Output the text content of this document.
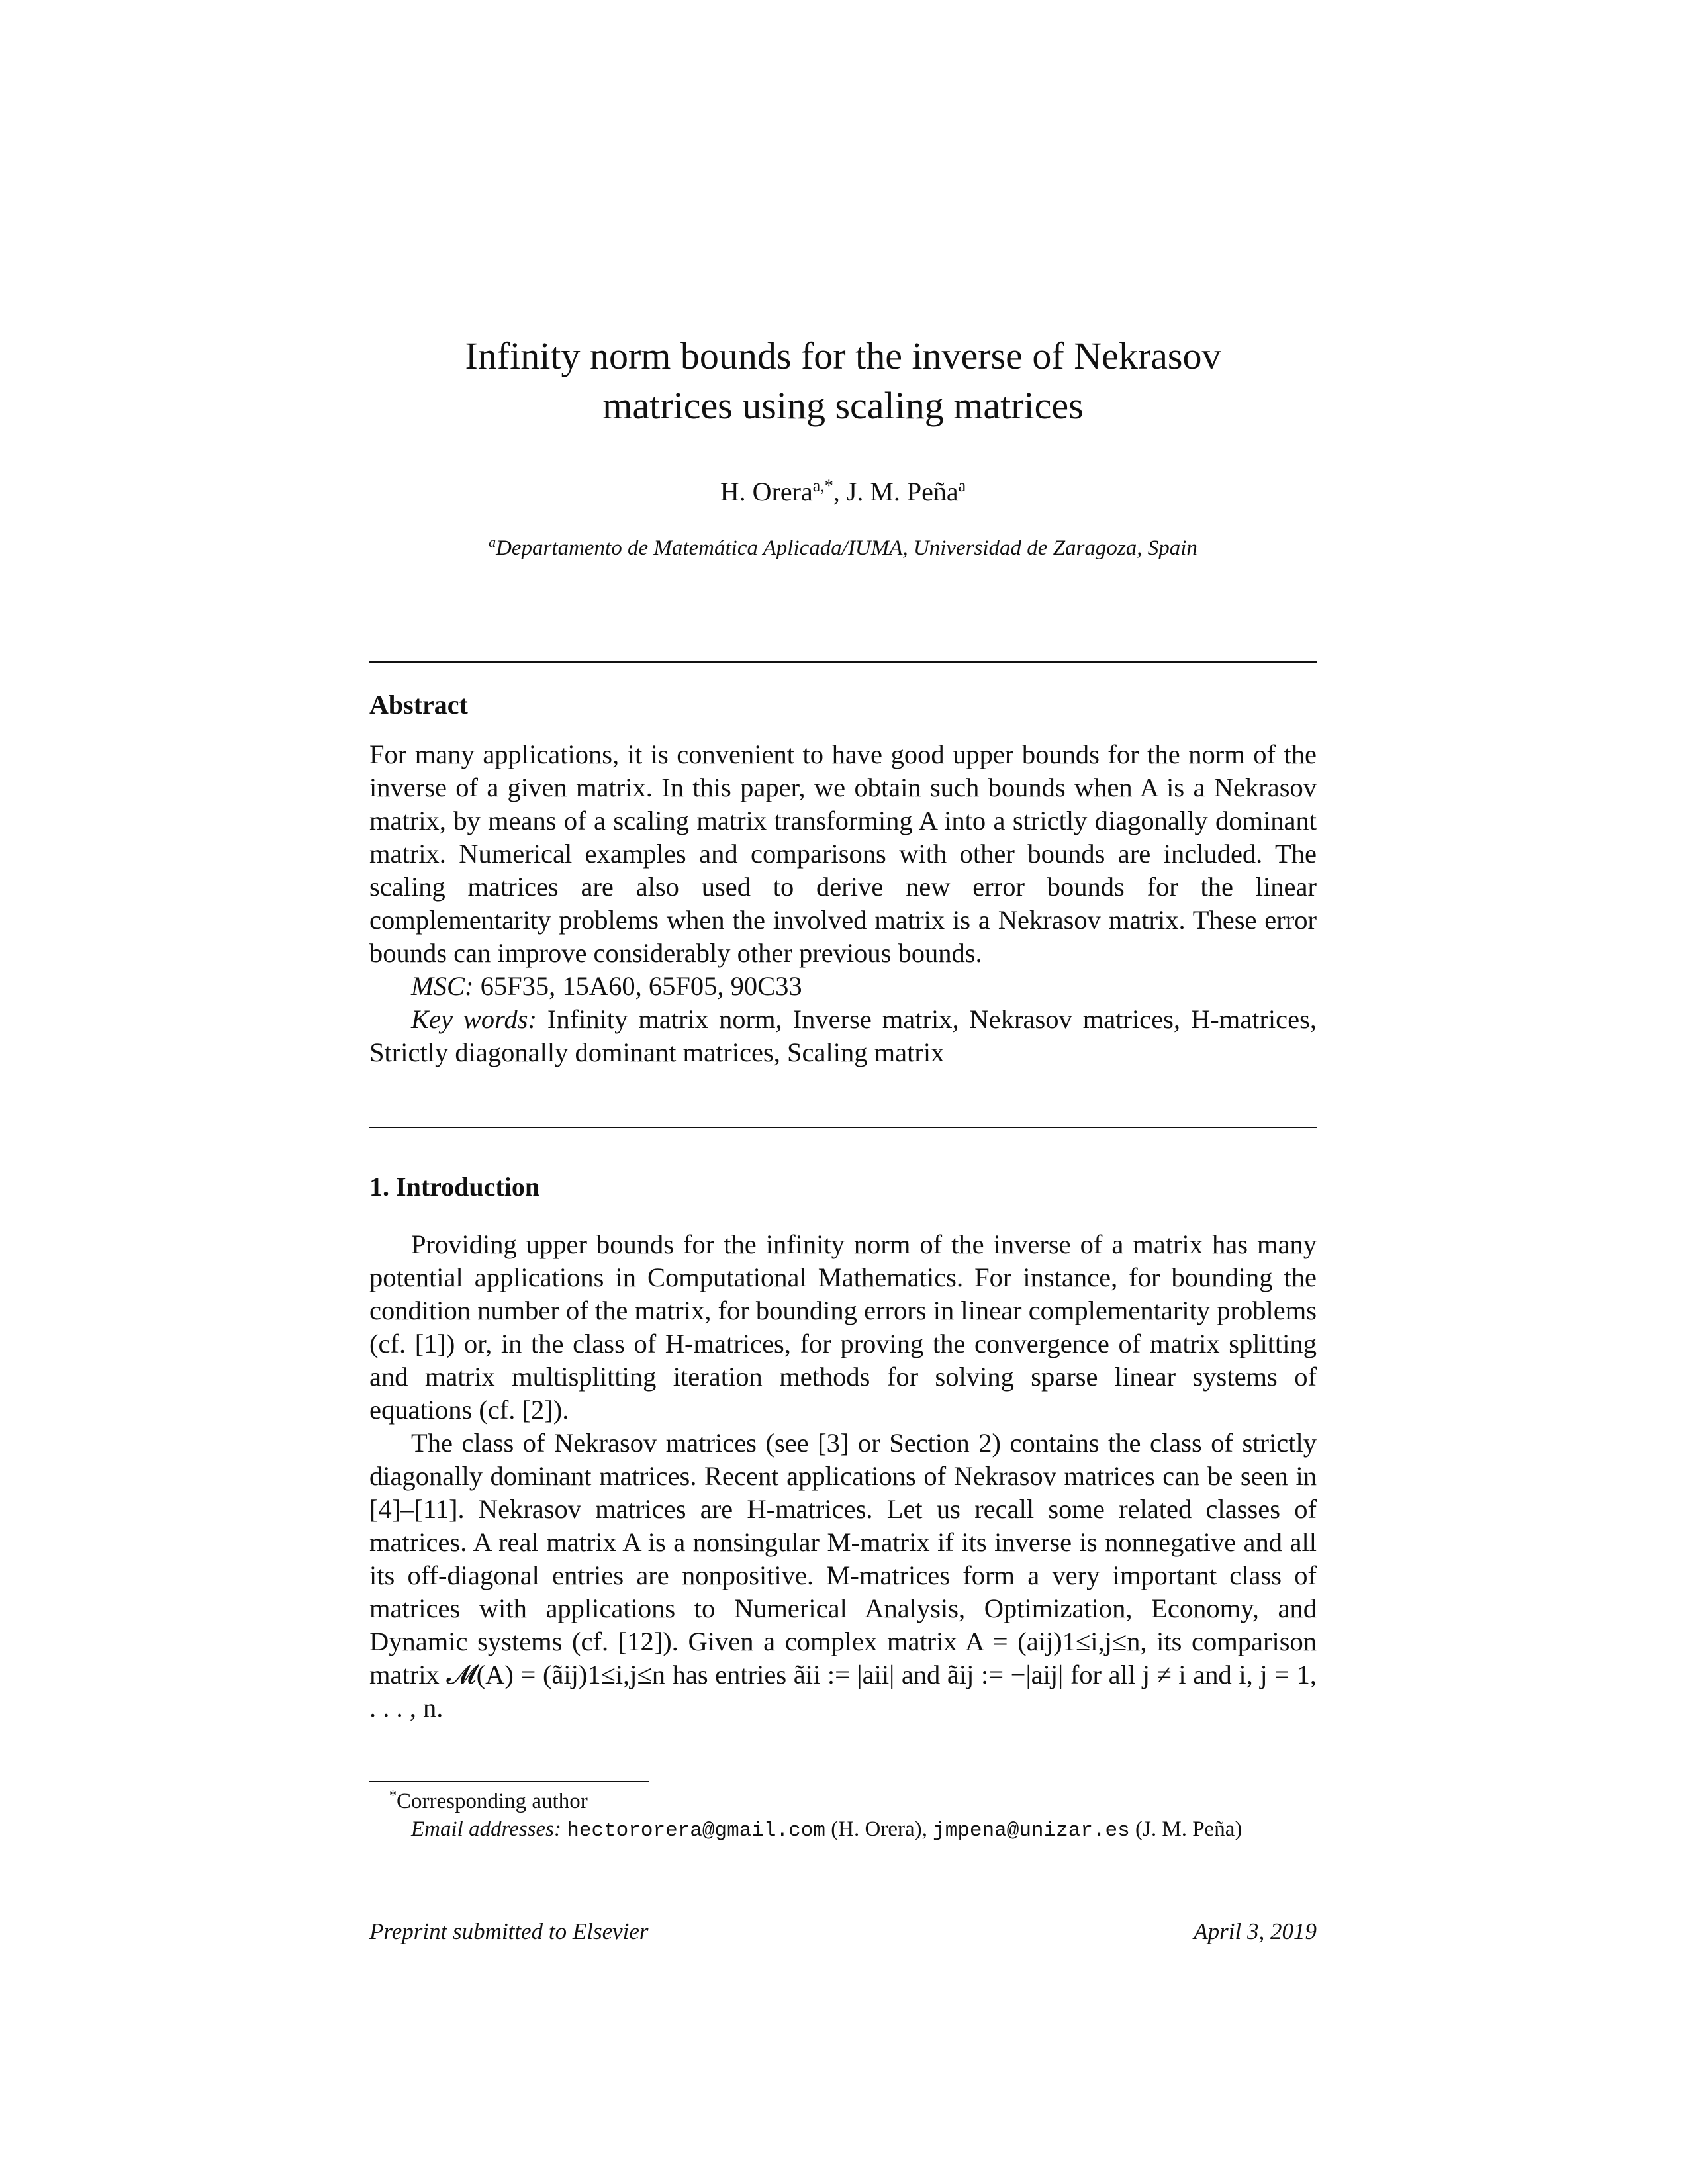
Infinity norm bounds for the inverse of Nekrasov
matrices using scaling matrices
H. Orera$^{a,*}$, J. M. Peña$^a$
$^a$Departamento de Matemática Aplicada/IUMA, Universidad de Zaragoza, Spain
Abstract

For many applications, it is convenient to have good upper bounds for the norm of the inverse of a given matrix. In this paper, we obtain such bounds when A is a Nekrasov matrix, by means of a scaling matrix transforming A into a strictly diagonally dominant matrix. Numerical examples and comparisons with other bounds are included. The scaling matrices are also used to derive new error bounds for the linear complementarity problems when the involved matrix is a Nekrasov matrix. These error bounds can improve considerably other previous bounds.

MSC: 65F35, 15A60, 65F05, 90C33

Key words: Infinity matrix norm, Inverse matrix, Nekrasov matrices, H-matrices, Strictly diagonally dominant matrices, Scaling matrix

1. Introduction

Providing upper bounds for the infinity norm of the inverse of a matrix has many potential applications in Computational Mathematics. For instance, for bounding the condition number of the matrix, for bounding errors in linear complementarity problems (cf. [1]) or, in the class of H-matrices, for proving the convergence of matrix splitting and matrix multisplitting iteration methods for solving sparse linear systems of equations (cf. [2]).

The class of Nekrasov matrices (see [3] or Section 2) contains the class of strictly diagonally dominant matrices. Recent applications of Nekrasov matrices can be seen in [4]–[11]. Nekrasov matrices are H-matrices. Let us recall some related classes of matrices. A real matrix A is a nonsingular M-matrix if its inverse is nonnegative and all its off-diagonal entries are nonpositive. M-matrices form a very important class of matrices with applications to Numerical Analysis, Optimization, Economy, and Dynamic systems (cf. [12]). Given a complex matrix A = (aij)1≤i,j≤n, its comparison matrix 𝓜(A) = (ãij)1≤i,j≤n has entries ãii := |aii| and ãij := −|aij| for all j ≠ i and i, j = 1, . . . , n.

*Corresponding author
Email addresses: hectororera@gmail.com (H. Orera), jmpena@unizar.es (J. M. Peña)
Preprint submitted to Elsevier	April 3, 2019
